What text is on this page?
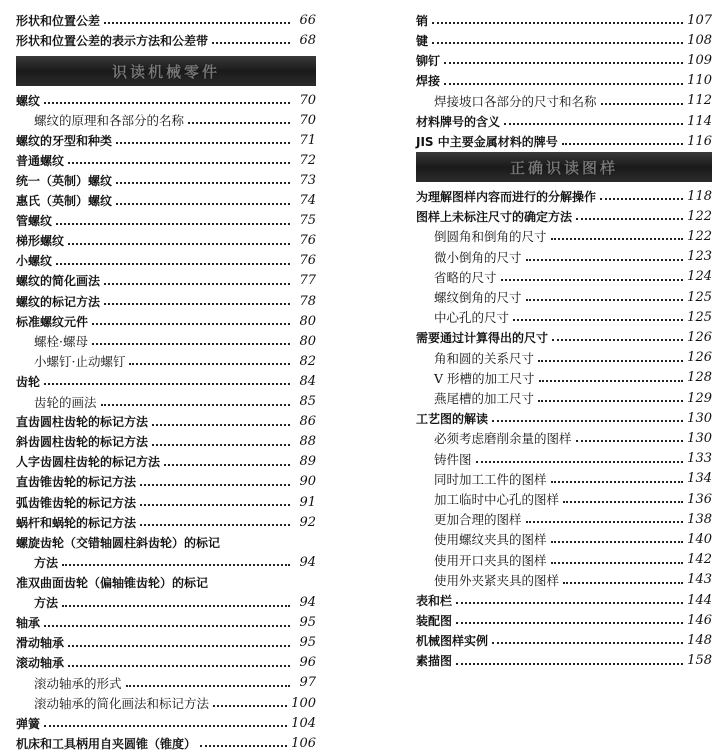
形状和位置公差	66
形状和位置公差的表示方法和公差带	68
识读机械零件
螺纹	70
螺纹的原理和各部分的名称	70
螺纹的牙型和种类	71
普通螺纹	72
统一（英制）螺纹	73
惠氏（英制）螺纹	74
管螺纹	75
梯形螺纹	76
小螺纹	76
螺纹的简化画法	77
螺纹的标记方法	78
标准螺纹元件	80
螺栓·螺母	80
小螺钉·止动螺钉	82
齿轮	84
齿轮的画法	85
直齿圆柱齿轮的标记方法	86
斜齿圆柱齿轮的标记方法	88
人字齿圆柱齿轮的标记方法	89
直齿锥齿轮的标记方法	90
弧齿锥齿轮的标记方法	91
蜗杆和蜗轮的标记方法	92
螺旋齿轮（交错轴圆柱斜齿轮）的标记
方法	94
准双曲面齿轮（偏轴锥齿轮）的标记
方法	94
轴承	95
滑动轴承	95
滚动轴承	96
滚动轴承的形式	97
滚动轴承的简化画法和标记方法	100
弹簧	104
机床和工具柄用自夹圆锥（锥度）	106
销	107
键	108
铆钉	109
焊接	110
焊接坡口各部分的尺寸和名称	112
材料牌号的含义	114
JIS 中主要金属材料的牌号	116
正确识读图样
为理解图样内容而进行的分解操作	118
图样上未标注尺寸的确定方法	122
倒圆角和倒角的尺寸	122
微小倒角的尺寸	123
省略的尺寸	124
螺纹倒角的尺寸	125
中心孔的尺寸	125
需要通过计算得出的尺寸	126
角和圆的关系尺寸	126
V 形槽的加工尺寸	128
燕尾槽的加工尺寸	129
工艺图的解读	130
必须考虑磨削余量的图样	130
铸件图	133
同时加工工件的图样	134
加工临时中心孔的图样	136
更加合理的图样	138
使用螺纹夹具的图样	140
使用开口夹具的图样	142
使用外夹紧夹具的图样	143
表和栏	144
装配图	146
机械图样实例	148
素描图	158
